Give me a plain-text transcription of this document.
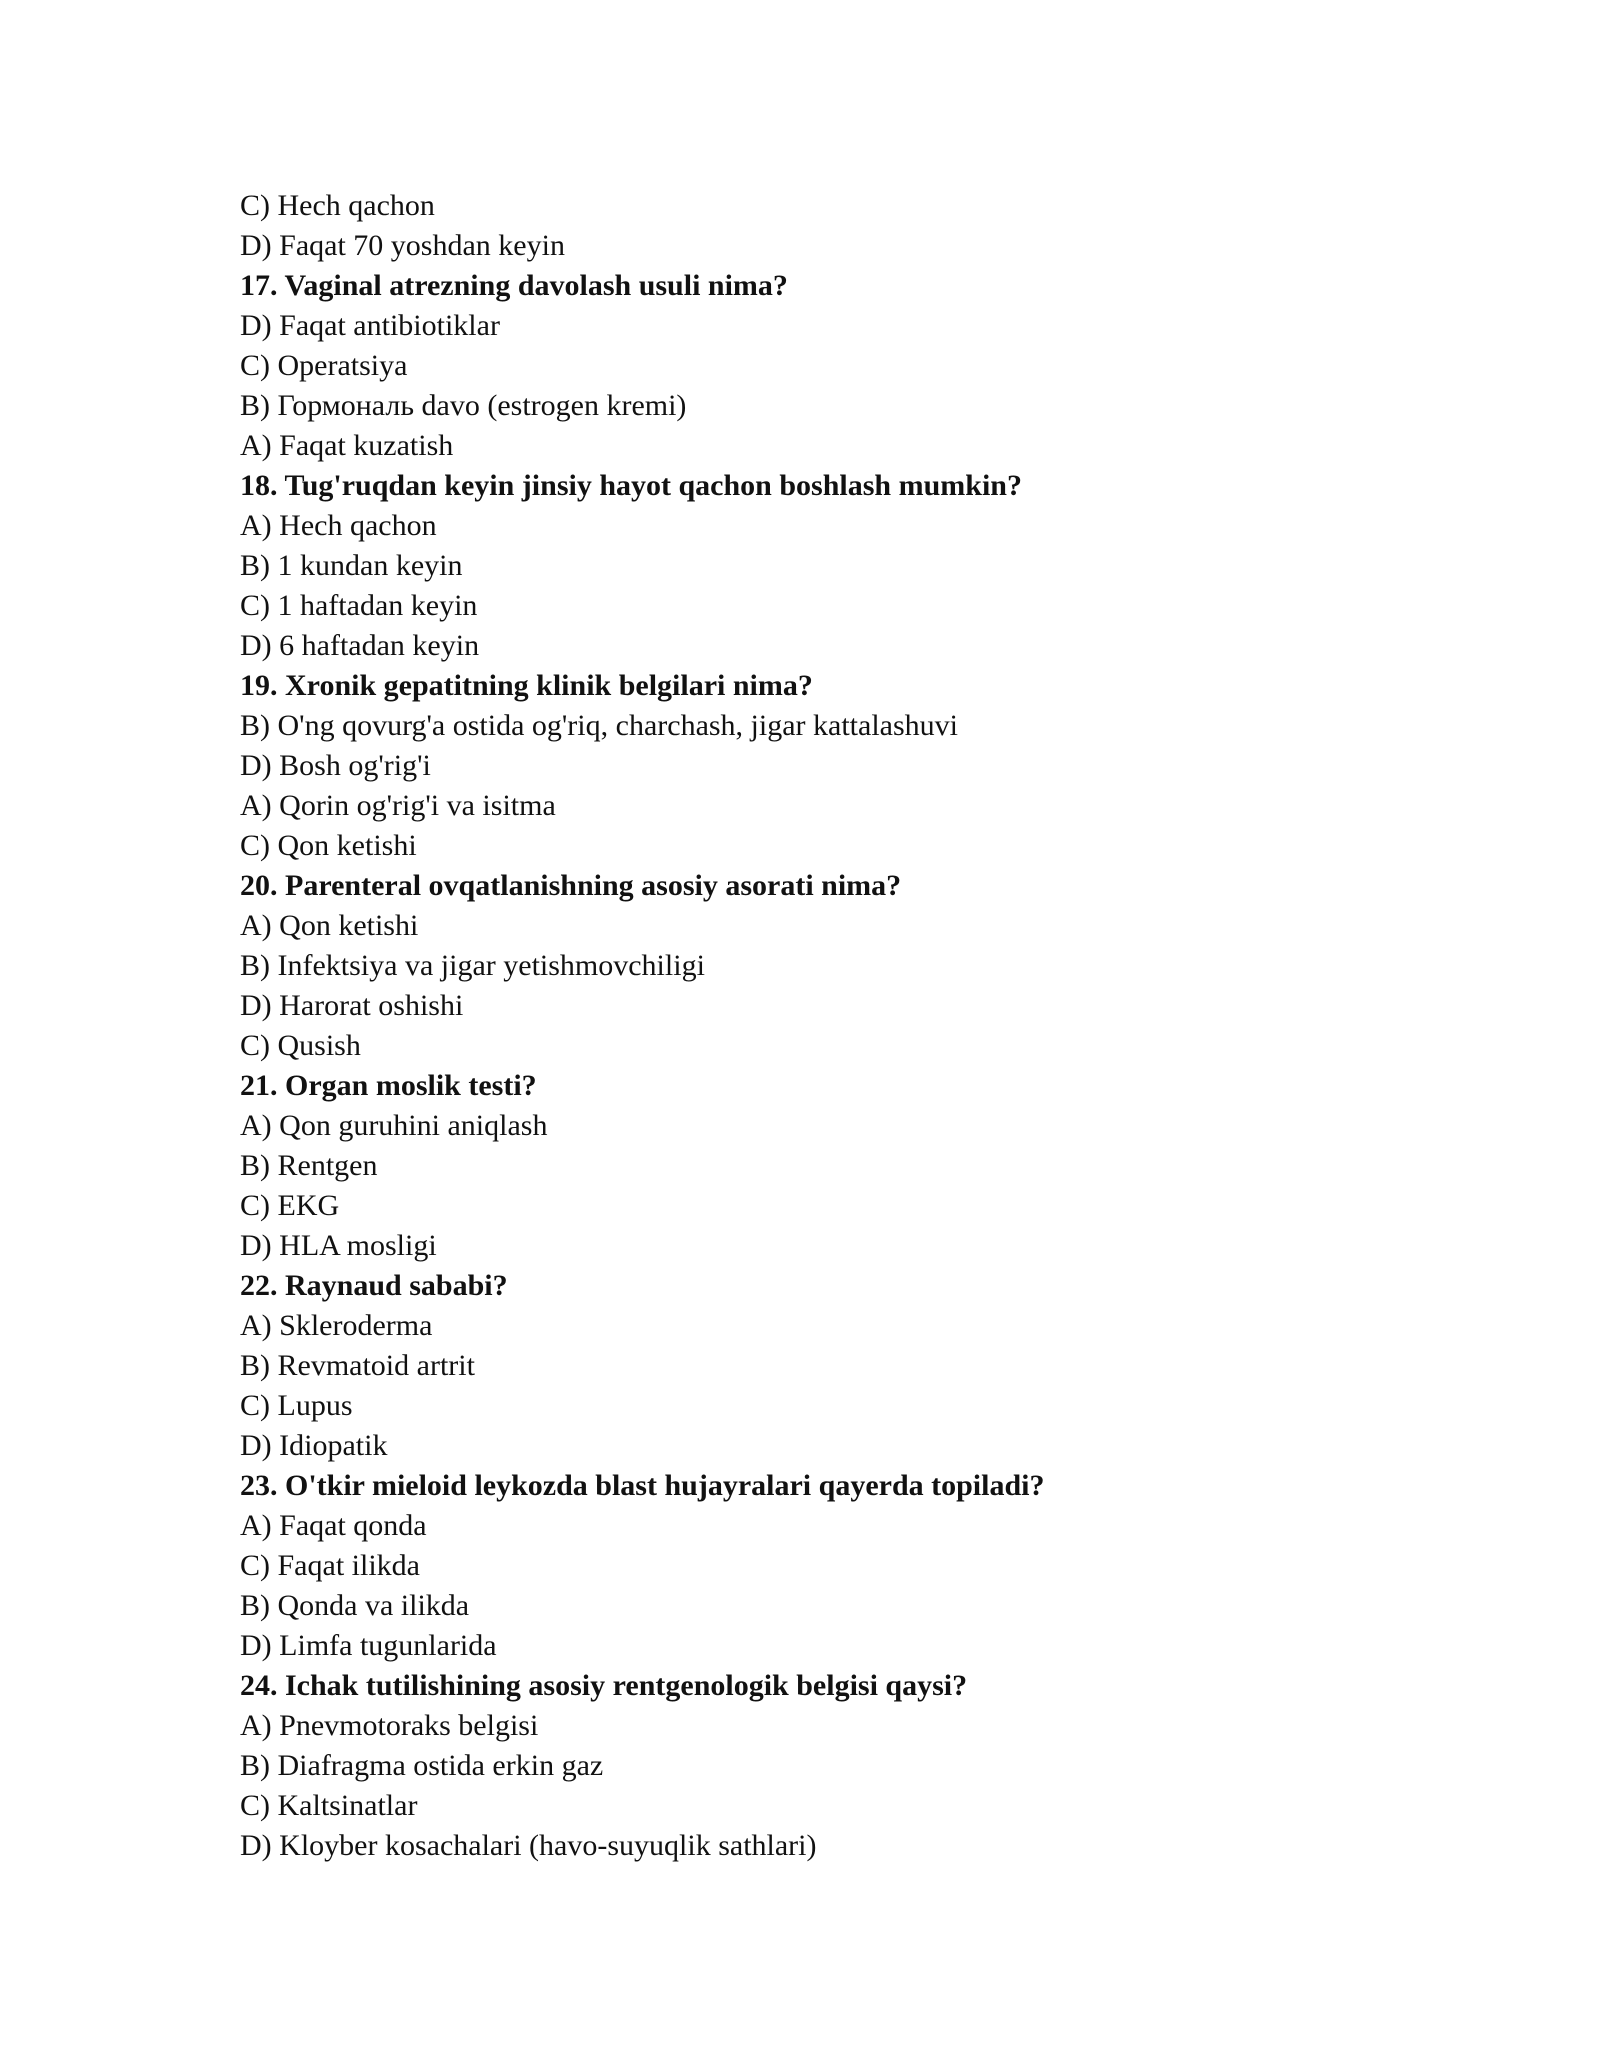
C) Hech qachon
D) Faqat 70 yoshdan keyin
17. Vaginal atrezning davolash usuli nima?
D) Faqat antibiotiklar
C) Operatsiya
B) Гормональ davo (estrogen kremi)
A) Faqat kuzatish
18. Tug'ruqdan keyin jinsiy hayot qachon boshlash mumkin?
A) Hech qachon
B) 1 kundan keyin
C) 1 haftadan keyin
D) 6 haftadan keyin
19. Xronik gepatitning klinik belgilari nima?
B) O'ng qovurg'a ostida og'riq, charchash, jigar kattalashuvi
D) Bosh og'rig'i
A) Qorin og'rig'i va isitma
C) Qon ketishi
20. Parenteral ovqatlanishning asosiy asorati nima?
A) Qon ketishi
B) Infektsiya va jigar yetishmovchiligi
D) Harorat oshishi
C) Qusish
21. Organ moslik testi?
A) Qon guruhini aniqlash
B) Rentgen
C) EKG
D) HLA mosligi
22. Raynaud sababi?
A) Skleroderma
B) Revmatoid artrit
C) Lupus
D) Idiopatik
23. O'tkir mieloid leykozda blast hujayralari qayerda topiladi?
A) Faqat qonda
C) Faqat ilikda
B) Qonda va ilikda
D) Limfa tugunlarida
24. Ichak tutilishining asosiy rentgenologik belgisi qaysi?
A) Pnevmotoraks belgisi
B) Diafragma ostida erkin gaz
C) Kaltsinatlar
D) Kloyber kosachalari (havo-suyuqlik sathlari)
